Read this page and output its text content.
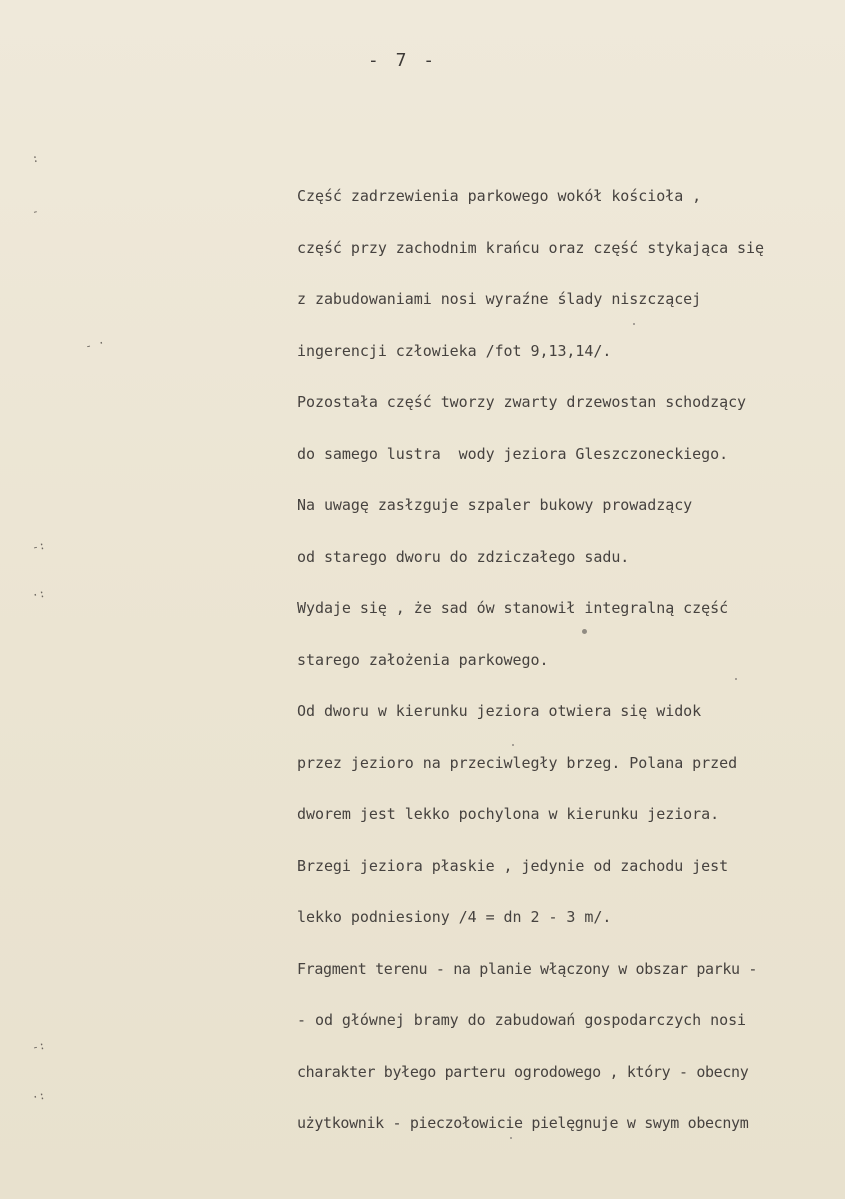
- 7 -
:
-
- ·
-:
·:
-:
·:
Część zadrzewienia parkowego wokół kościoła ,
część przy zachodnim krańcu oraz część stykająca się
z zabudowaniami nosi wyraźne ślady niszczącej
ingerencji człowieka /fot 9,13,14/.
Pozostała część tworzy zwarty drzewostan schodzący
do samego lustra  wody jeziora Gleszczoneckiego.
Na uwagę zasłzguje szpaler bukowy prowadzący
od starego dworu do zdziczałego sadu.
Wydaje się , że sad ów stanowił integralną część
starego założenia parkowego.
Od dworu w kierunku jeziora otwiera się widok
przez jezioro na przeciwległy brzeg. Polana przed
dworem jest lekko pochylona w kierunku jeziora.
Brzegi jeziora płaskie , jedynie od zachodu jest
lekko podniesiony /4 = dn 2 - 3 m/.
Fragment terenu - na planie włączony w obszar parku -
- od głównej bramy do zabudowań gospodarczych nosi
charakter byłego parteru ogrodowego , który - obecny
użytkownik - pieczołowicie pielęgnuje w swym obecnym
